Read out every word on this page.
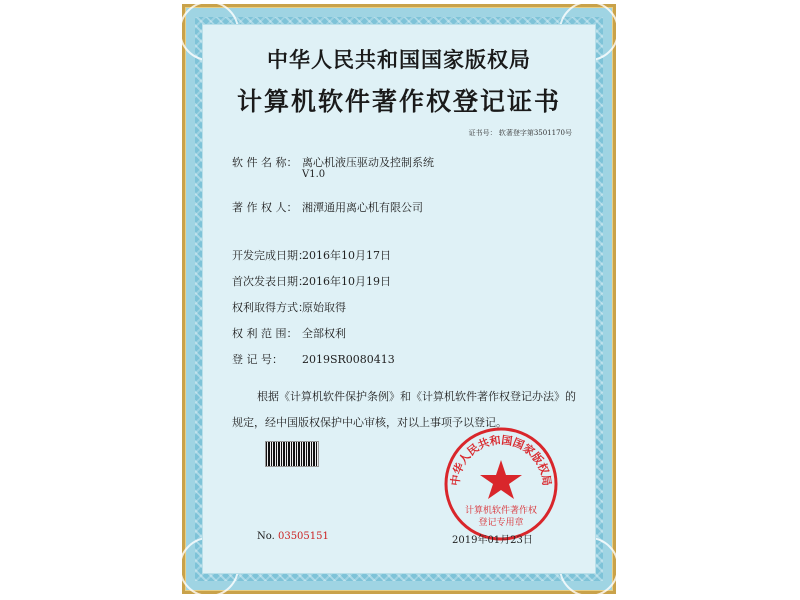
中华人民共和国国家版权局
计算机软件著作权登记证书
证书号： 软著登字第3501170号
软 件 名 称： 离心机液压驱动及控制系统
V1.0
著 作 权 人： 湘潭通用离心机有限公司
开发完成日期：2016年10月17日
首次发表日期：2016年10月19日
权利取得方式：原始取得
权 利 范 围： 全部权利
登 记 号： 2019SR0080413
根据《计算机软件保护条例》和《计算机软件著作权登记办法》的
规定，经中国版权保护中心审核，对以上事项予以登记。
中华人民共和国国家版权局
计算机软件著作权
登记专用章
No. 03505151	2019年01月23日
